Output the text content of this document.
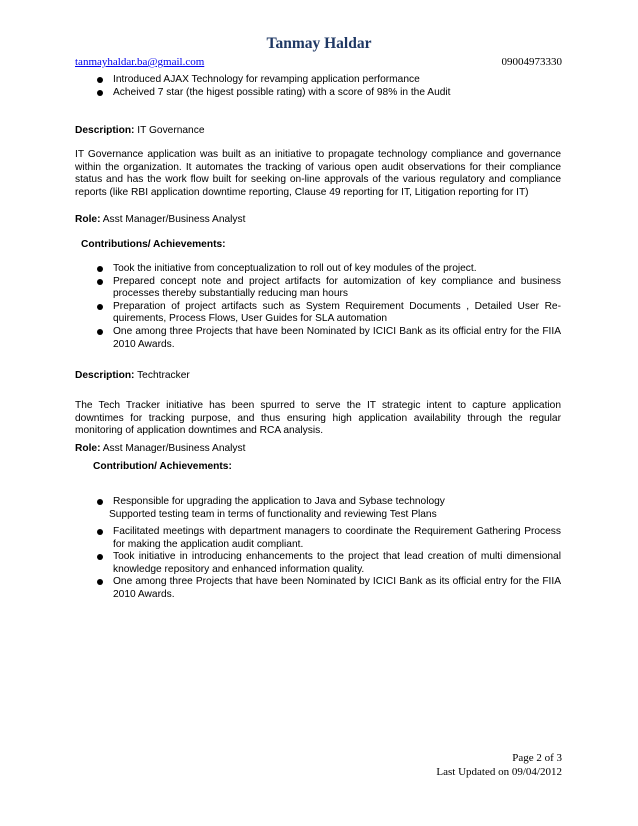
Tanmay Haldar
tanmayhaldar.ba@gmail.com	09004973330
Introduced AJAX Technology for revamping application performance
Acheived 7 star (the higest possible rating) with a score of 98% in the Audit
Description: IT Governance

IT Governance application was built as an initiative to propagate technology compliance and governance within the organization. It automates the tracking of various open audit observations for their compliance status and has the work flow built for seeking on-line approvals of the various regulatory and compliance reports (like RBI application downtime reporting, Clause 49 reporting for IT, Litigation reporting for IT)

Role: Asst Manager/Business Analyst
Contributions/ Achievements:
Took the initiative from conceptualization to roll out of key modules of the project.
Prepared concept note and project artifacts for automization of key compliance and business processes thereby substantially reducing man hours
Preparation of project artifacts such as System Requirement Documents , Detailed User Re-quirements, Process Flows, User Guides for SLA automation
One among three Projects that have been Nominated by ICICI Bank as its official entry for the FIIA 2010 Awards.
Description: Techtracker

The Tech Tracker initiative has been spurred to serve the IT strategic intent to capture application downtimes for tracking purpose, and thus ensuring high application availability through the regular monitoring of application downtimes and RCA analysis.

Role: Asst Manager/Business Analyst
Contribution/ Achievements:
Responsible for upgrading the application to Java and Sybase technology
Supported testing team in terms of functionality and reviewing Test Plans
Facilitated meetings with department managers to coordinate the Requirement Gathering Process for making the application audit compliant.
Took initiative in introducing enhancements to the project that lead creation of multi dimensional knowledge repository and enhanced information quality.
One among three Projects that have been Nominated by ICICI Bank as its official entry for the FIIA 2010 Awards.
Page 2 of 3
Last Updated on 09/04/2012
